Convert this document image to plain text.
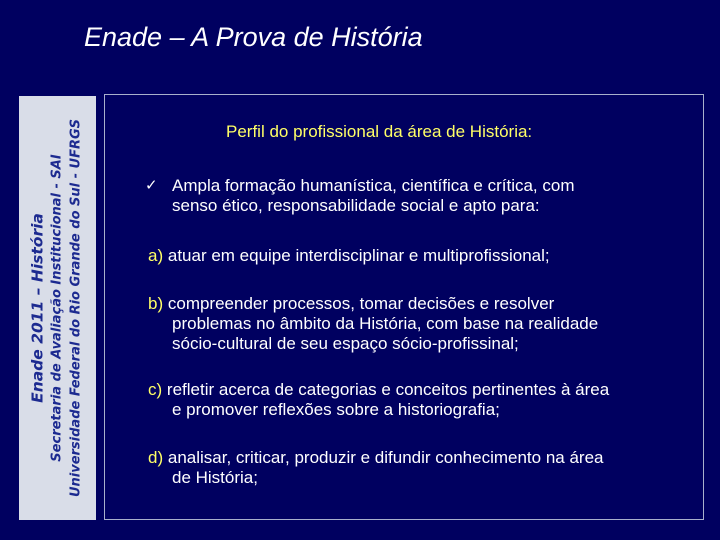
Enade – A Prova de História
Enade 2011 – História Secretaria de Avaliação Institucional - SAI Universidade Federal do Rio Grande do Sul - UFRGS	Perfil do profissional da área de História:
✓ Ampla formação humanística, científica e crítica, com
senso ético, responsabilidade social e apto para:
a) atuar em equipe interdisciplinar e multiprofissional;
b) compreender processos, tomar decisões e resolver
problemas no âmbito da História, com base na realidade
sócio-cultural de seu espaço sócio-profissinal;
c) refletir acerca de categorias e conceitos pertinentes à área
e promover reflexões sobre a historiografia;
d) analisar, criticar, produzir e difundir conhecimento na área
de História;
